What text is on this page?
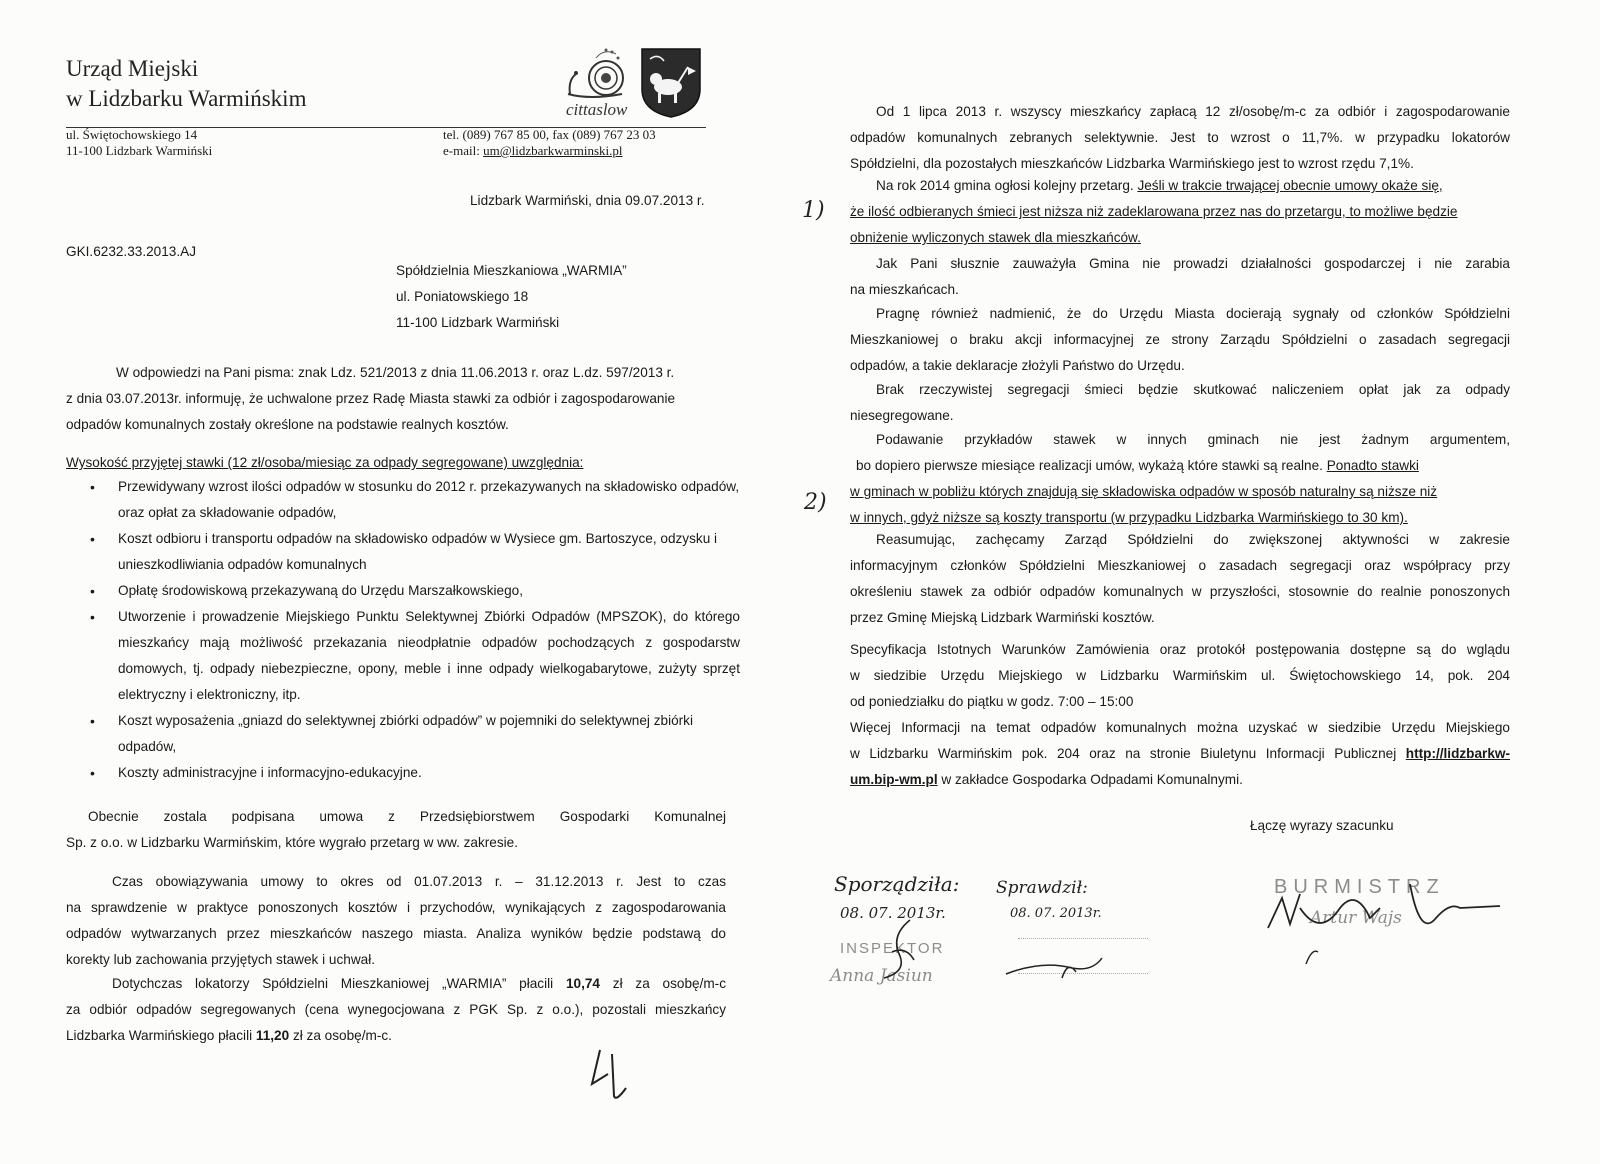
Urząd Miejski
w Lidzbarku Warmińskim	cittaslow
ul. Świętochowskiego 14
11-100 Lidzbark Warmiński
tel. (089) 767 85 00, fax (089) 767 23 03
e-mail: um@lidzbarkwarminski.pl
Lidzbark Warmiński, dnia 09.07.2013 r.
GKI.6232.33.2013.AJ
Spółdzielnia Mieszkaniowa „WARMIA”
ul. Poniatowskiego 18
11-100 Lidzbark Warmiński
W odpowiedzi na Pani pisma: znak Ldz. 521/2013 z dnia 11.06.2013 r. oraz L.dz. 597/2013 r.
z dnia 03.07.2013r. informuję, że uchwalone przez Radę Miasta stawki za odbiór i zagospodarowanie
odpadów komunalnych zostały określone na podstawie realnych kosztów.
Wysokość przyjętej stawki (12 zł/osoba/miesiąc za odpady segregowane) uwzględnia:
• Przewidywany wzrost ilości odpadów w stosunku do 2012 r. przekazywanych na składowisko odpadów, oraz opłat za składowanie odpadów,
• Koszt odbioru i transportu odpadów na składowisko odpadów w Wysiece gm. Bartoszyce, odzysku i unieszkodliwiania odpadów komunalnych
• Opłatę środowiskową przekazywaną do Urzędu Marszałkowskiego,
• Utworzenie i prowadzenie Miejskiego Punktu Selektywnej Zbiórki Odpadów (MPSZOK), do którego mieszkańcy mają możliwość przekazania nieodpłatnie odpadów pochodzących z gospodarstw domowych, tj. odpady niebezpieczne, opony, meble i inne odpady wielkogabarytowe, zużyty sprzęt elektryczny i elektroniczny, itp.
• Koszt wyposażenia „gniazd do selektywnej zbiórki odpadów” w pojemniki do selektywnej zbiórki odpadów,
• Koszty administracyjne i informacyjno-edukacyjne.
Obecnie zostala podpisana umowa z Przedsiębiorstwem Gospodarki Komunalnej
Sp. z o.o. w Lidzbarku Warmińskim, które wygrało przetarg w ww. zakresie.
Czas obowiązywania umowy to okres od 01.07.2013 r. – 31.12.2013 r. Jest to czas
na sprawdzenie w praktyce ponoszonych kosztów i przychodów, wynikających z zagospodarowania
odpadów wytwarzanych przez mieszkańców naszego miasta. Analiza wyników będzie podstawą do
korekty lub zachowania przyjętych stawek i uchwał.
Dotychczas lokatorzy Spółdzielni Mieszkaniowej „WARMIA” płacili 10,74 zł za osobę/m-c
za odbiór odpadów segregowanych (cena wynegocjowana z PGK Sp. z o.o.), pozostali mieszkańcy
Lidzbarka Warmińskiego płacili 11,20 zł za osobę/m-c.
Od 1 lipca 2013 r. wszyscy mieszkańcy zapłacą 12 zł/osobę/m-c za odbiór i zagospodarowanie
odpadów komunalnych zebranych selektywnie. Jest to wzrost o 11,7%. w przypadku lokatorów
Spółdzielni, dla pozostałych mieszkańców Lidzbarka Warmińskiego jest to wzrost rzędu 7,1%.
Na rok 2014 gmina ogłosi kolejny przetarg. Jeśli w trakcie trwającej obecnie umowy okaże się,
że ilość odbieranych śmieci jest niższa niż zadeklarowana przez nas do przetargu, to możliwe będzie
obniżenie wyliczonych stawek dla mieszkańców.
1)
Jak Pani słusznie zauważyła Gmina nie prowadzi działalności gospodarczej i nie zarabia
na mieszkańcach.
Pragnę również nadmienić, że do Urzędu Miasta docierają sygnały od członków Spółdzielni
Mieszkaniowej o braku akcji informacyjnej ze strony Zarządu Spółdzielni o zasadach segregacji
odpadów, a takie deklaracje złożyli Państwo do Urzędu.
Brak rzeczywistej segregacji śmieci będzie skutkować naliczeniem opłat jak za odpady
niesegregowane.
Podawanie przykładów stawek w innych gminach nie jest żadnym argumentem,
bo dopiero pierwsze miesiące realizacji umów, wykażą które stawki są realne. Ponadto stawki
w gminach w pobliżu których znajdują się składowiska odpadów w sposób naturalny są niższe niż
w innych, gdyż niższe są koszty transportu (w przypadku Lidzbarka Warmińskiego to 30 km).
2)
Reasumując, zachęcamy Zarząd Spółdzielni do zwiększonej aktywności w zakresie
informacyjnym członków Spółdzielni Mieszkaniowej o zasadach segregacji oraz współpracy przy
określeniu stawek za odbiór odpadów komunalnych w przyszłości, stosownie do realnie ponoszonych
przez Gminę Miejską Lidzbark Warmiński kosztów.
Specyfikacja Istotnych Warunków Zamówienia oraz protokół postępowania dostępne są do wglądu
w siedzibie Urzędu Miejskiego w Lidzbarku Warmińskim ul. Świętochowskiego 14, pok. 204
od poniedziałku do piątku w godz. 7:00 – 15:00
Więcej Informacji na temat odpadów komunalnych można uzyskać w siedzibie Urzędu Miejskiego
w Lidzbarku Warmińskim pok. 204 oraz na stronie Biuletynu Informacji Publicznej http://lidzbarkw-
um.bip-wm.pl w zakładce Gospodarka Odpadami Komunalnymi.
Łączę wyrazy szacunku
Sporządziła:
08. 07. 2013r.
INSPEKTOR
Anna Jasiun
Sprawdził:
08. 07. 2013r.
BURMISTRZ
Artur Wajs
